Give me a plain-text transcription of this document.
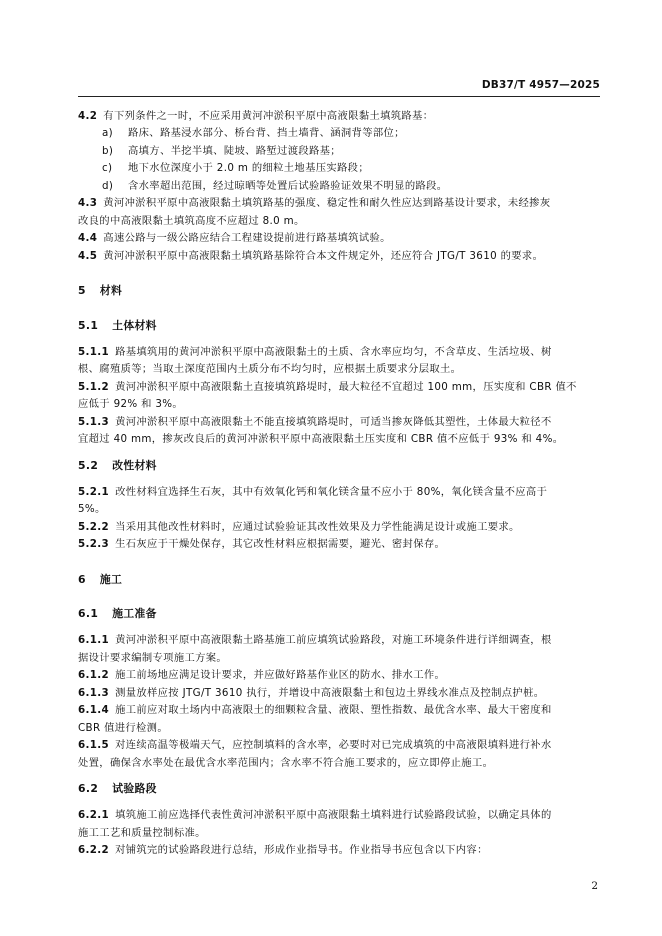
DB37/T 4957—2025
4.2 有下列条件之一时，不应采用黄河冲淤积平原中高液限黏土填筑路基：
a) 路床、路基浸水部分、桥台背、挡土墙背、涵洞背等部位；
b) 高填方、半挖半填、陡坡、路堑过渡段路基；
c) 地下水位深度小于 2.0 m 的细粒土地基压实路段；
d) 含水率超出范围，经过晾晒等处置后试验路验证效果不明显的路段。
4.3 黄河冲淤积平原中高液限黏土填筑路基的强度、稳定性和耐久性应达到路基设计要求，未经掺灰
改良的中高液限黏土填筑高度不应超过 8.0 m。
4.4 高速公路与一级公路应结合工程建设提前进行路基填筑试验。
4.5 黄河冲淤积平原中高液限黏土填筑路基除符合本文件规定外，还应符合 JTG/T 3610 的要求。
5 材料
5.1 土体材料
5.1.1 路基填筑用的黄河冲淤积平原中高液限黏土的土质、含水率应均匀，不含草皮、生活垃圾、树
根、腐殖质等；当取土深度范围内土质分布不均匀时，应根据土质要求分层取土。
5.1.2 黄河冲淤积平原中高液限黏土直接填筑路堤时，最大粒径不宜超过 100 mm，压实度和 CBR 值不
应低于 92% 和 3%。
5.1.3 黄河冲淤积平原中高液限黏土不能直接填筑路堤时，可适当掺灰降低其塑性，土体最大粒径不
宜超过 40 mm，掺灰改良后的黄河冲淤积平原中高液限黏土压实度和 CBR 值不应低于 93% 和 4%。
5.2 改性材料
5.2.1 改性材料宜选择生石灰，其中有效氧化钙和氧化镁含量不应小于 80%，氧化镁含量不应高于
5%。
5.2.2 当采用其他改性材料时，应通过试验验证其改性效果及力学性能满足设计或施工要求。
5.2.3 生石灰应于干燥处保存，其它改性材料应根据需要，避光、密封保存。
6 施工
6.1 施工准备
6.1.1 黄河冲淤积平原中高液限黏土路基施工前应填筑试验路段，对施工环境条件进行详细调查，根
据设计要求编制专项施工方案。
6.1.2 施工前场地应满足设计要求，并应做好路基作业区的防水、排水工作。
6.1.3 测量放样应按 JTG/T 3610 执行，并增设中高液限黏土和包边土界线水准点及控制点护桩。
6.1.4 施工前应对取土场内中高液限土的细颗粒含量、液限、塑性指数、最优含水率、最大干密度和
CBR 值进行检测。
6.1.5 对连续高温等极端天气，应控制填料的含水率，必要时对已完成填筑的中高液限填料进行补水
处置，确保含水率处在最优含水率范围内；含水率不符合施工要求的，应立即停止施工。
6.2 试验路段
6.2.1 填筑施工前应选择代表性黄河冲淤积平原中高液限黏土填料进行试验路段试验，以确定具体的
施工工艺和质量控制标准。
6.2.2 对铺筑完的试验路段进行总结，形成作业指导书。作业指导书应包含以下内容：
2
